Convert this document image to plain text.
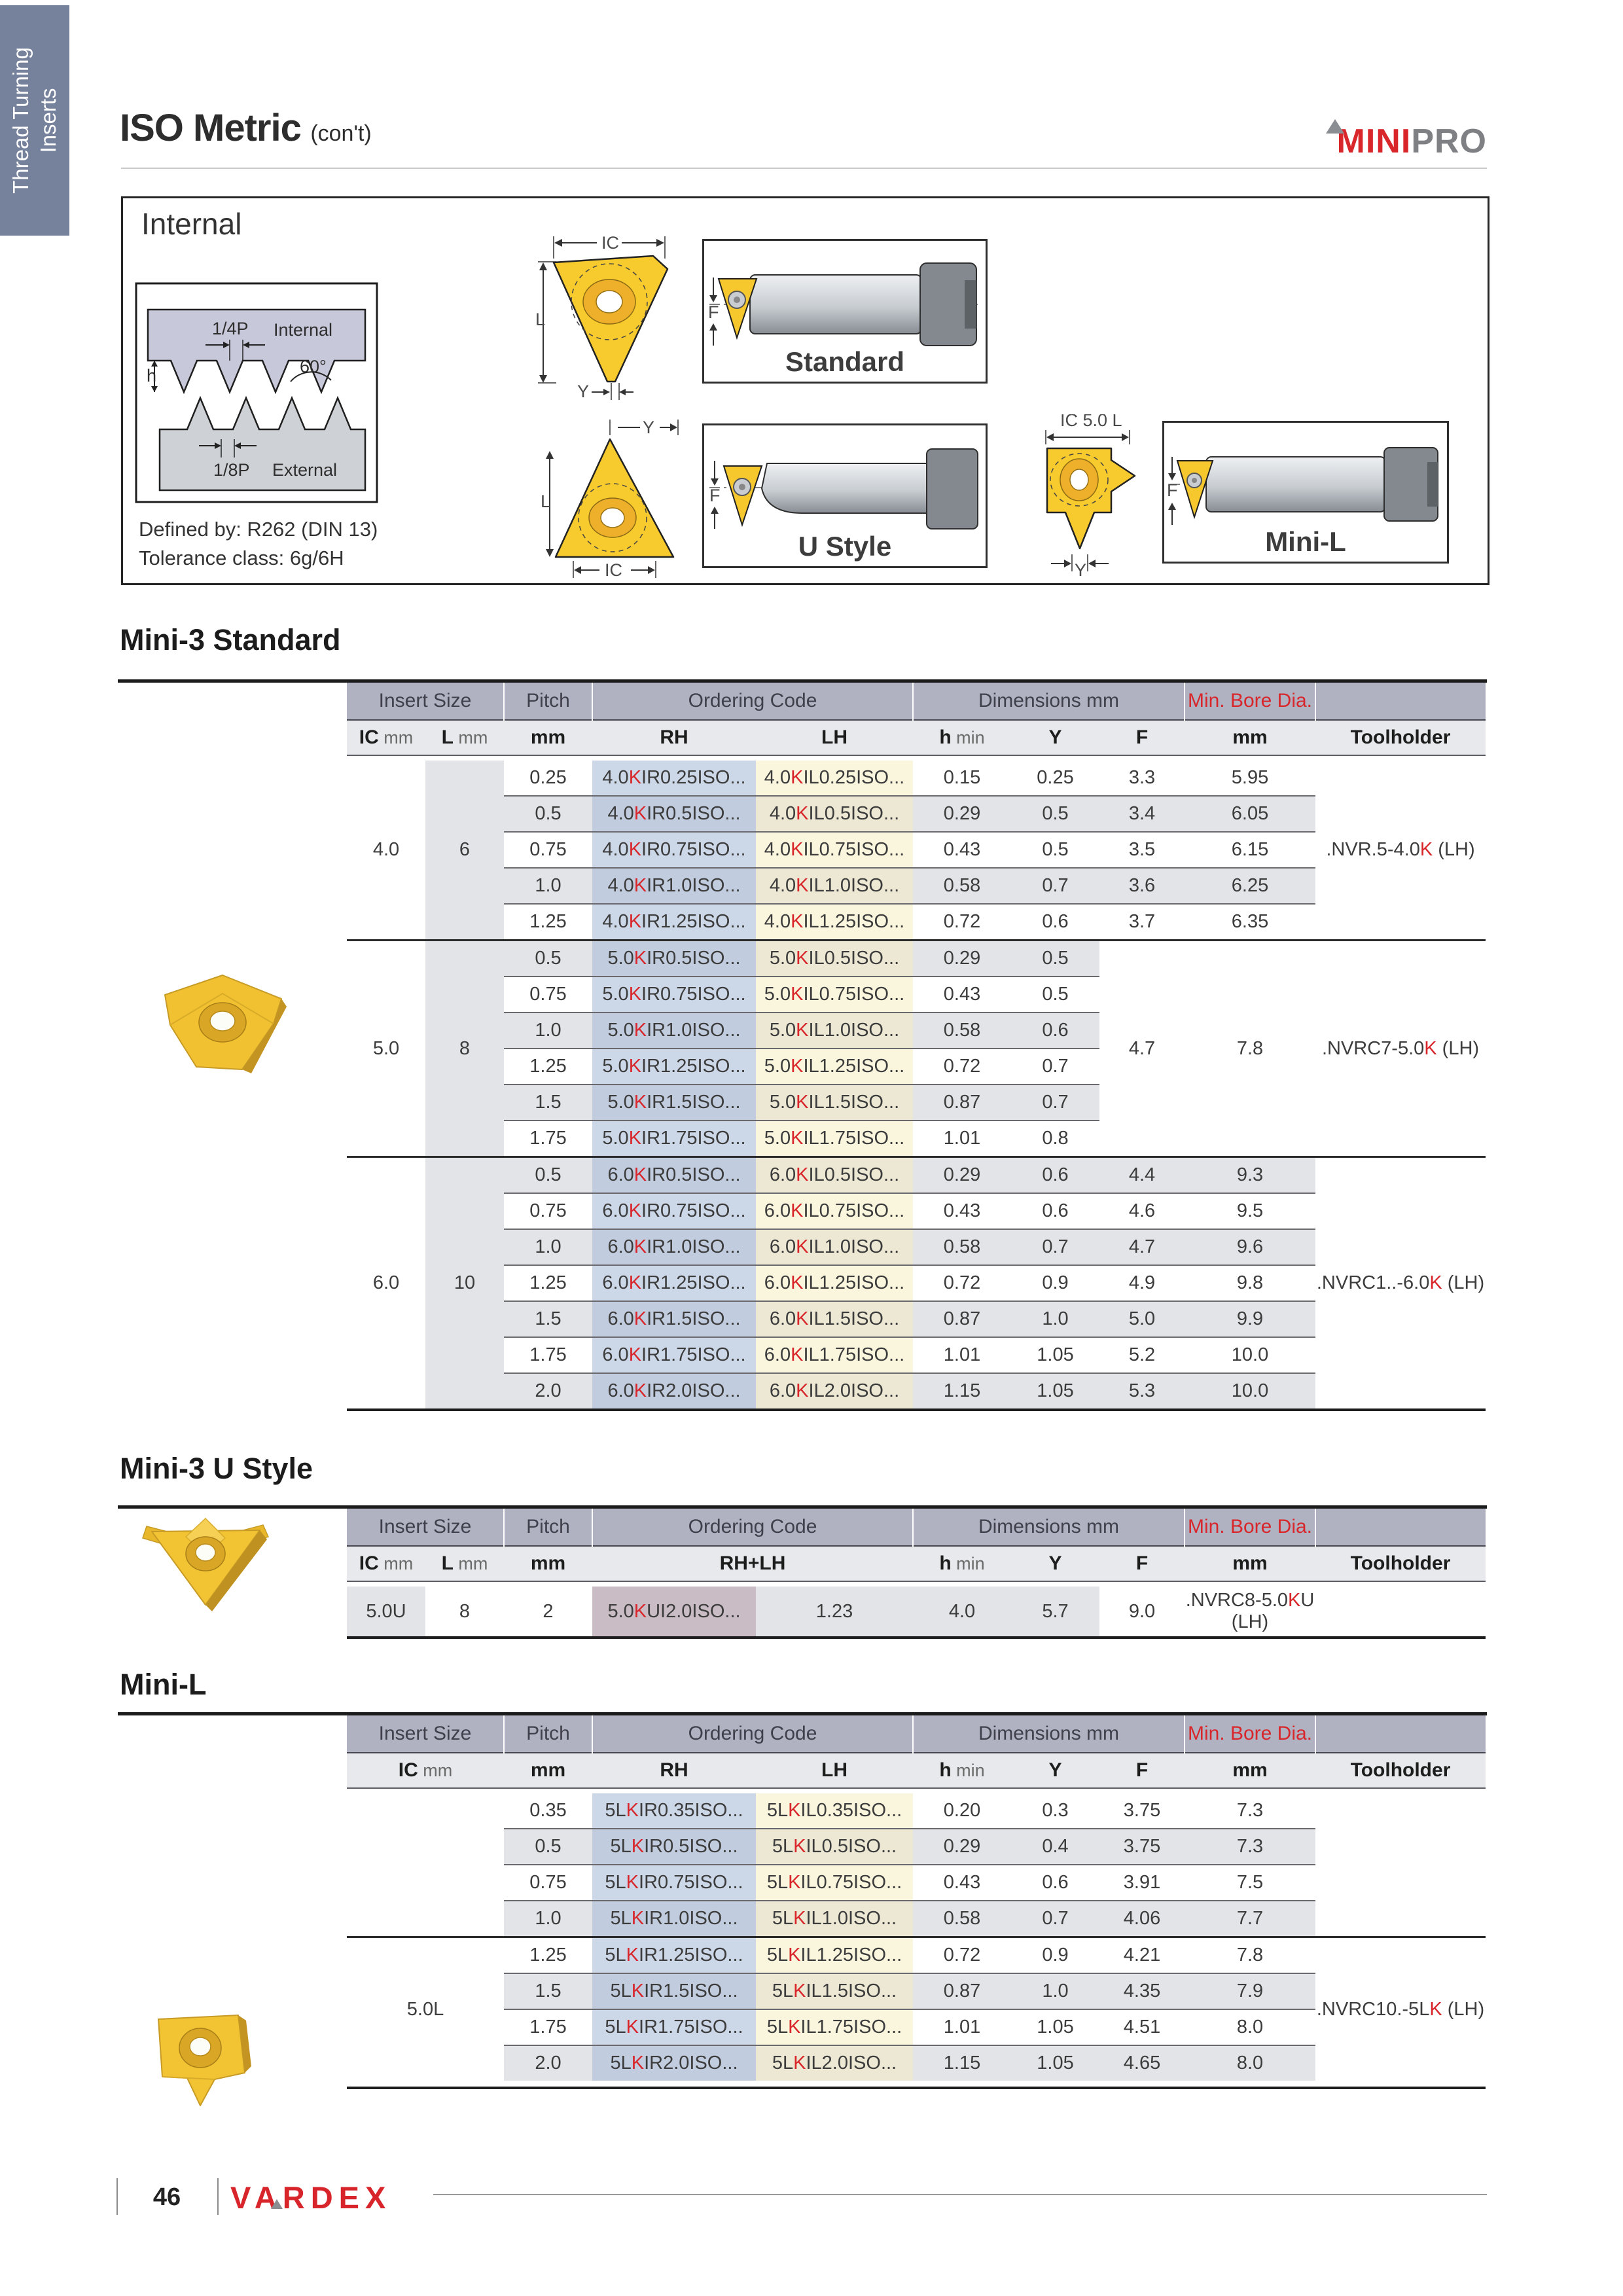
Thread Turning Inserts ISO Metric (con't)	MINIPRO
Internal
h
1/4P Internal
60°
1/8P External
Defined by: R262 (DIN 13)
Tolerance class: 6g/6H
IC
L
Y
F
Standard
Y
L
IC
F
U Style
IC 5.0 L
Y
F
Mini-L
Mini-3 Standard
Insert Size		Pitch	Ordering Code		Dimensions mm			Min. Bore Dia.	
IC mm	L mm	mm	RH	LH	h min	Y	F	mm	Toolholder

4.0	6	0.25	4.0KIR0.25ISO...	4.0KIL0.25ISO...	0.15	0.25	3.3	5.95	.NVR.5-4.0K (LH)
		0.5	4.0KIR0.5ISO...	4.0KIL0.5ISO...	0.29	0.5	3.4	6.05	
		0.75	4.0KIR0.75ISO...	4.0KIL0.75ISO...	0.43	0.5	3.5	6.15	
		1.0	4.0KIR1.0ISO...	4.0KIL1.0ISO...	0.58	0.7	3.6	6.25	
		1.25	4.0KIR1.25ISO...	4.0KIL1.25ISO...	0.72	0.6	3.7	6.35	
5.0	8	0.5	5.0KIR0.5ISO...	5.0KIL0.5ISO...	0.29	0.5	4.7	7.8	.NVRC7-5.0K (LH)
		0.75	5.0KIR0.75ISO...	5.0KIL0.75ISO...	0.43	0.5			
		1.0	5.0KIR1.0ISO...	5.0KIL1.0ISO...	0.58	0.6			
		1.25	5.0KIR1.25ISO...	5.0KIL1.25ISO...	0.72	0.7			
		1.5	5.0KIR1.5ISO...	5.0KIL1.5ISO...	0.87	0.7			
		1.75	5.0KIR1.75ISO...	5.0KIL1.75ISO...	1.01	0.8			
6.0	10	0.5	6.0KIR0.5ISO...	6.0KIL0.5ISO...	0.29	0.6	4.4	9.3	.NVRC1..-6.0K (LH)
		0.75	6.0KIR0.75ISO...	6.0KIL0.75ISO...	0.43	0.6	4.6	9.5	
		1.0	6.0KIR1.0ISO...	6.0KIL1.0ISO...	0.58	0.7	4.7	9.6	
		1.25	6.0KIR1.25ISO...	6.0KIL1.25ISO...	0.72	0.9	4.9	9.8	
		1.5	6.0KIR1.5ISO...	6.0KIL1.5ISO...	0.87	1.0	5.0	9.9	
		1.75	6.0KIR1.75ISO...	6.0KIL1.75ISO...	1.01	1.05	5.2	10.0	
		2.0	6.0KIR2.0ISO...	6.0KIL2.0ISO...	1.15	1.05	5.3	10.0	
Mini-3 U Style
Insert Size		Pitch	Ordering Code		Dimensions mm			Min. Bore Dia.	
IC mm	L mm	mm	RH+LH		h min	Y	F	mm	Toolholder

5.0U	8	2	5.0KUI2.0ISO...	1.23	4.0	5.7	9.0	.NVRC8-5.0KU (LH)	
Mini-L
Insert Size	Pitch	Ordering Code		Dimensions mm			Min. Bore Dia.	
IC mm	mm	RH	LH	h min	Y	F	mm	Toolholder

	0.35	5LKIR0.35ISO...	5LKIL0.35ISO...	0.20	0.3	3.75	7.3	
	0.5	5LKIR0.5ISO...	5LKIL0.5ISO...	0.29	0.4	3.75	7.3	
	0.75	5LKIR0.75ISO...	5LKIL0.75ISO...	0.43	0.6	3.91	7.5	
	1.0	5LKIR1.0ISO...	5LKIL1.0ISO...	0.58	0.7	4.06	7.7	
5.0L	1.25	5LKIR1.25ISO...	5LKIL1.25ISO...	0.72	0.9	4.21	7.8	.NVRC10.-5LK (LH)
	1.5	5LKIR1.5ISO...	5LKIL1.5ISO...	0.87	1.0	4.35	7.9	
	1.75	5LKIR1.75ISO...	5LKIL1.75ISO...	1.01	1.05	4.51	8.0	
	2.0	5LKIR2.0ISO...	5LKIL2.0ISO...	1.15	1.05	4.65	8.0	

46	VARDEX
